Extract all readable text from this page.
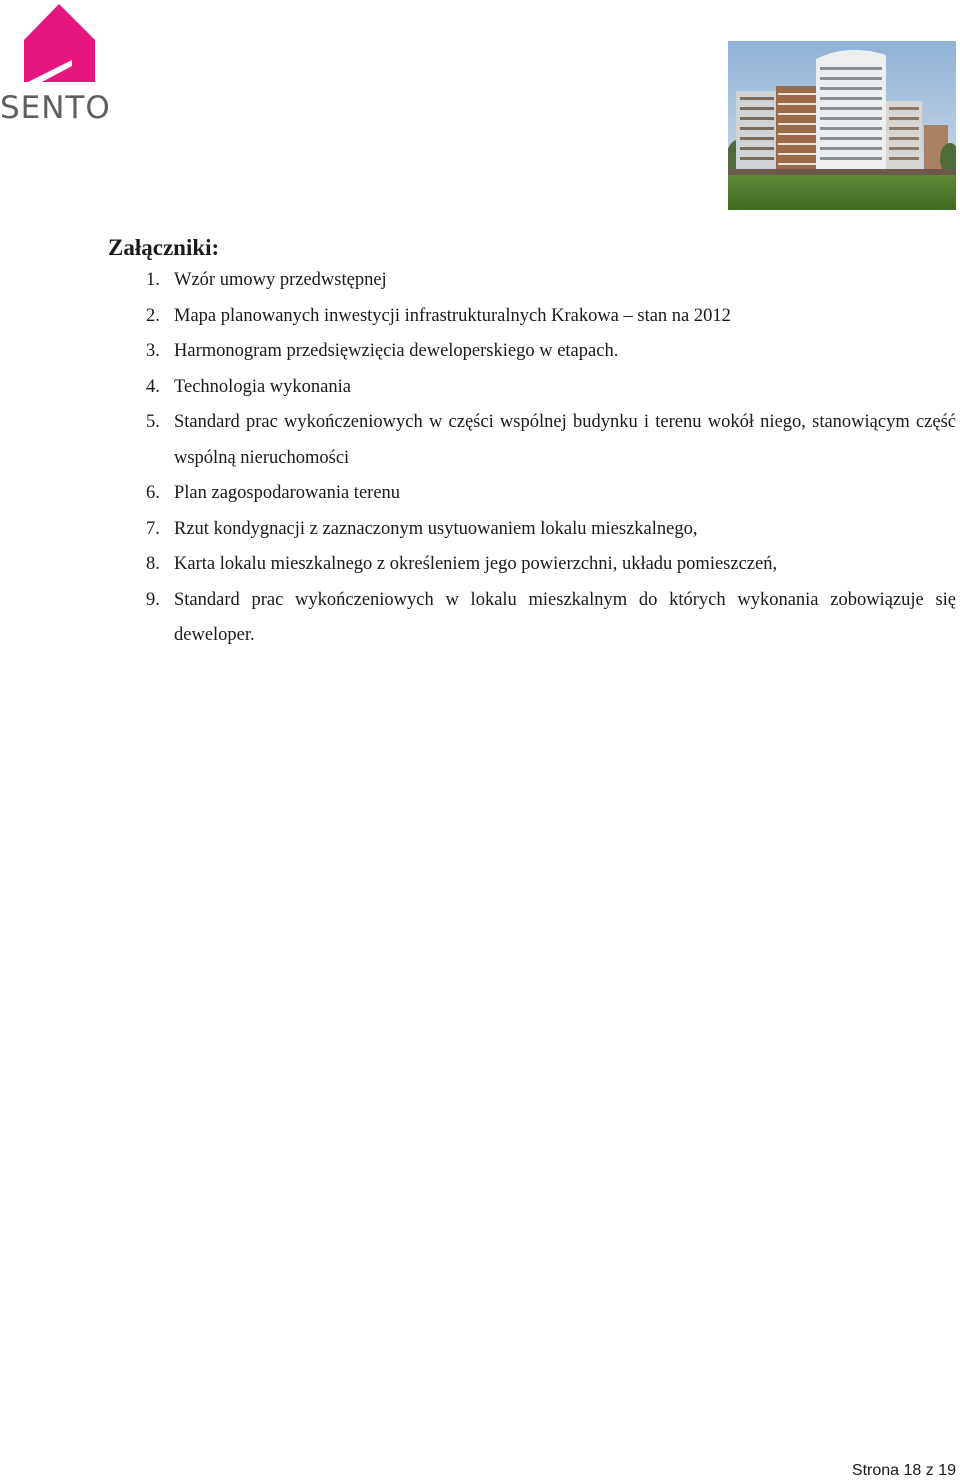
SENTO
Załączniki:
1. Wzór umowy przedwstępnej
2. Mapa planowanych inwestycji infrastrukturalnych Krakowa – stan na 2012
3. Harmonogram przedsięwzięcia deweloperskiego w etapach.
4. Technologia wykonania
5. Standard prac wykończeniowych w części wspólnej budynku i terenu wokół niego, stanowiącym część wspólną nieruchomości
6. Plan zagospodarowania terenu
7. Rzut kondygnacji z zaznaczonym usytuowaniem lokalu mieszkalnego,
8. Karta lokalu mieszkalnego z określeniem jego powierzchni, układu pomieszczeń,
9. Standard prac wykończeniowych w lokalu mieszkalnym do których wykonania zobowiązuje się deweloper.
Strona 18 z 19
